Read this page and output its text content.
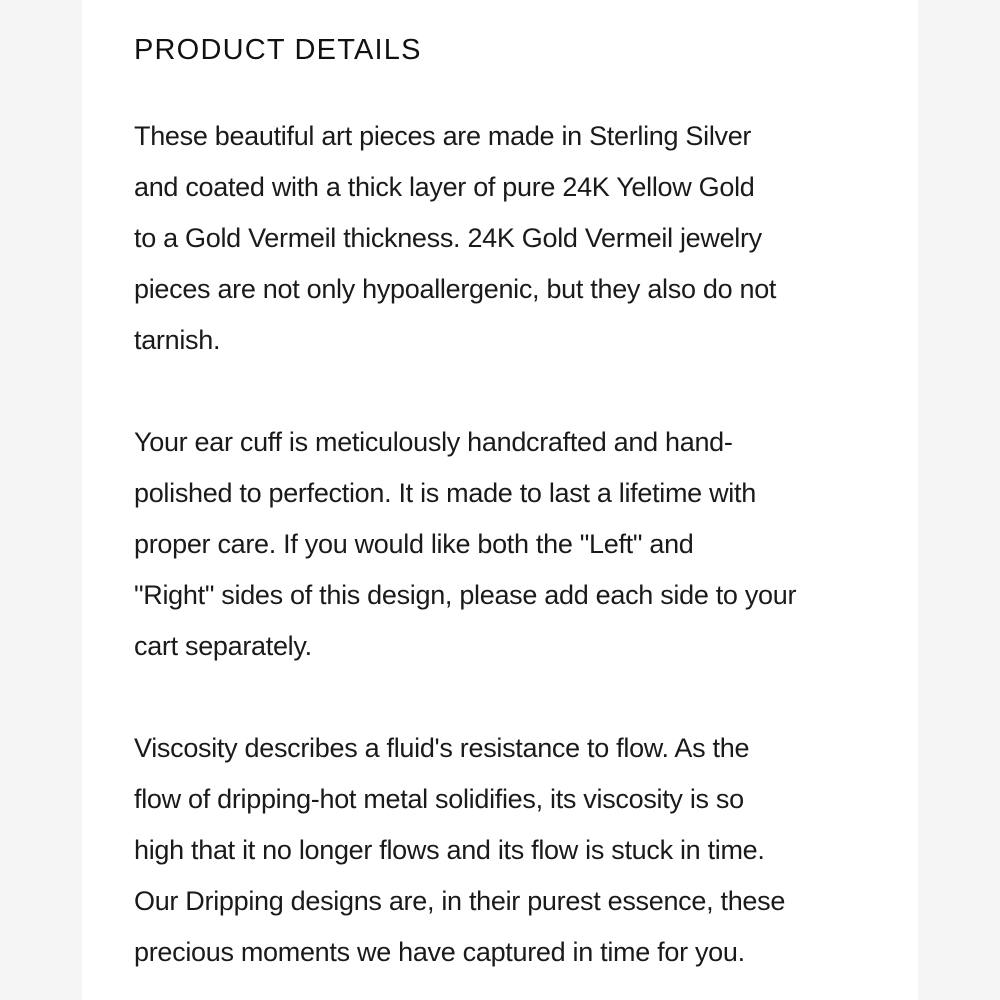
PRODUCT DETAILS

These beautiful art pieces are made in Sterling Silver
and coated with a thick layer of pure 24K Yellow Gold
to a Gold Vermeil thickness. 24K Gold Vermeil jewelry
pieces are not only hypoallergenic, but they also do not
tarnish.

Your ear cuff is meticulously handcrafted and hand-
polished to perfection. It is made to last a lifetime with
proper care. If you would like both the "Left" and
"Right" sides of this design, please add each side to your
cart separately.

Viscosity describes a fluid's resistance to flow. As the
flow of dripping-hot metal solidifies, its viscosity is so
high that it no longer flows and its flow is stuck in time.
Our Dripping designs are, in their purest essence, these
precious moments we have captured in time for you.
